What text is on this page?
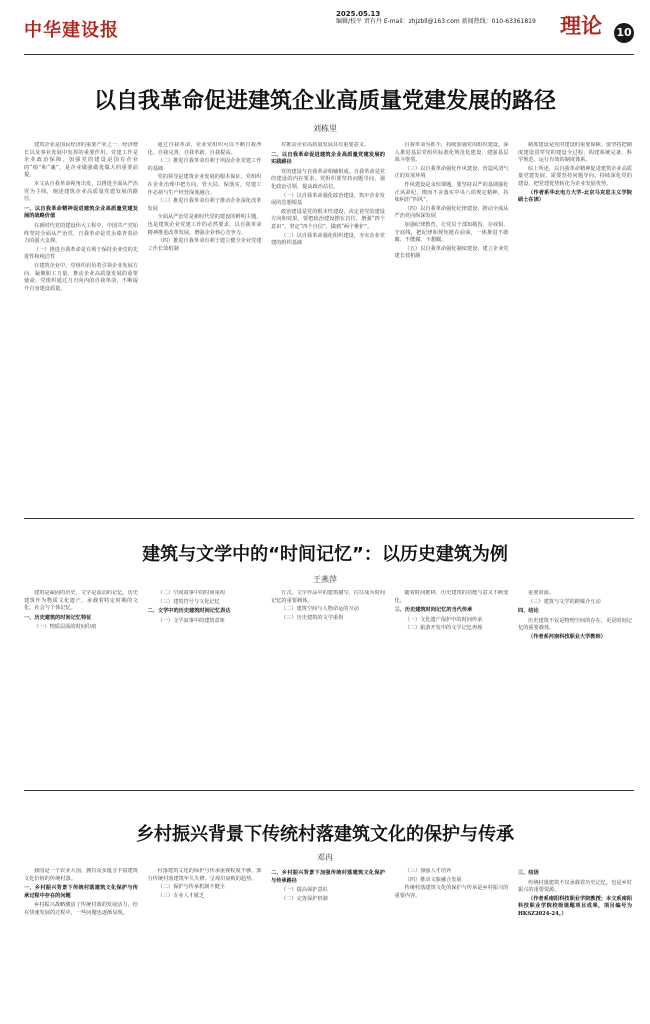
中华建设报
2025.05.13
编辑/校平 责有丹 E-mail：zhjzbll@163.com 新闻热线：010-63361819 理论 10
以自我革命促进建筑企业高质量党建发展的路径
刘栋里

建筑企业是国民经济的重要产业之一，经济增长以及事业发展中发挥的重要作用。党建工作是企业政治保障，加强党的建设是国有企业的“根”和“魂”，是企业做强做优做大的重要前提。

本文从自我革命视角出发，以推进全面从严治党为主线，阐述建筑企业高质量党建发展的路径。

一、以自我革命精神促进建筑企业高质量党建发展的战略价值

在新时代党的建设伟大工程中，中国共产党始终坚持全面从严治党，自我革命是党永葆青春活力的强大支撑。

（一）推进自我革命是有利于保持企业党的先进性和纯洁性

在建筑企业中，党组织肩负着引领企业发展方向、凝聚职工力量、推动企业高质量发展的重要使命。党组织通过刀刃向内的自我革命，不断提升自身建设质量。

通过自我革命，企业党组织可以不断自我净化、自我完善、自我革新、自我提高。

（二）推进自我革命有利于巩固企业党建工作的基础

党的领导是建筑企业发展的根本保证。党组织在企业治理中把方向、管大局、保落实，党建工作必须与生产经营深度融合。

（三）推进自我革命有利于推动企业深化改革发展

全面从严治党是新时代党的建设的鲜明主题，也是建筑企业党建工作的必然要求，以自我革命精神推进改革发展，增强企业核心竞争力。

（四）推进自我革命有利于建立健全企业党建工作长效机制

对推动企业高质量发展具有重要意义。

二、以自我革命促进建筑企业高质量党建发展的实践路径

党的建设与自我革命相辅相成。自我革命是党的建设的内在要求，党组织要坚持问题导向，强化政治引领，提高政治站位。

（一）以自我革命强化政治建设，筑牢企业发展的思想根基

政治建设是党的根本性建设，决定着党的建设方向和效果，要把政治建设摆在首位，增强“四个意识”、坚定“四个自信”、做到“两个维护”。

（二）以自我革命强化组织建设，夯实企业党建的组织基础

自我革命为抓手，持续加强党的组织建设，深入推进基层党组织标准化规范化建设，建强基层战斗堡垒。

（三）以自我革命强化作风建设，营造风清气正的发展环境

作风建设是永恒课题。要坚持以严的基调强化正风肃纪，锲而不舍落实中央八项规定精神，持续纠治“四风”。

（四）以自我革命强化纪律建设，推动全面从严治党向纵深发展

加强纪律教育，让党员干部知敬畏、存戒惧、守底线，把纪律和规矩挺在前面，一体推进不敢腐、不能腐、不想腐。

（五）以自我革命强化制度建设，建立企业党建长效机制

制度建设是党的建设的重要保障。要坚持把制度建设贯穿党的建设全过程，构建系统完备、科学规范、运行有效的制度体系。

综上所述，以自我革命精神促进建筑企业高质量党建发展，需要坚持问题导向，持续深化党的建设，把党建优势转化为企业发展优势。

（作者系华北电力大学-北京马克思主义学院硕士在读）

建筑与文学中的“时间记忆”：以历史建筑为例
王燕萍

建筑是凝固的历史，文学是流动的记忆。历史建筑作为物质文化遗产，承载着特定时期的文化、社会与个体记忆。

一、历史建筑的时间记忆特征

（一）物质层面的时间印痕

（二）空间叙事中的时间重构

（三）建筑符号与文化记忆

二、文学中的历史建筑时间记忆表达

（一）文学叙事中的建筑意象

方式。文学作品中的建筑描写，往往成为时间记忆的重要载体。

（二）建筑空间与人物命运的互动

（三）历史建筑的文学重构

随着时间推移，历史建筑的功能与意义不断变化。

三、历史建筑时间记忆的当代传承

（一）文化遗产保护中的时间传承

（二）旅游开发中的文学记忆再现

重要资源。

（三）建筑与文学的跨媒介互动

四、结论

历史建筑不仅是物理空间的存在，更是时间记忆的重要载体。

（作者系河南科技职业大学教师）

乡村振兴背景下传统村落建筑文化的保护与传承
邓冉

我国是一个农业大国，拥有众多蕴含丰富建筑文化价值的传统村落。

一、乡村振兴背景下传统村落建筑文化保护与传承过程中存在的问题

乡村振兴战略激活了传统村落的发展活力，但在快速发展的过程中，一些问题也逐渐显现。

村落建筑文化的保护与传承重视程度不够，部分传统村落建筑年久失修，呈现出衰败的趋势。

（二）保护与传承机制不健全

（三）专业人才匮乏

二、乡村振兴背景下加强传统村落建筑文化保护与传承路径

（一）提高保护意识

（二）完善保护机制

（三）加强人才培养

（四）推动文旅融合发展

传统村落建筑文化的保护与传承是乡村振兴的重要内容。

三、结语

传统村落建筑不仅承载着历史记忆，也是乡村振兴的重要资源。

（作者系南阳科技职业学院教授；本文系南阳科技职业学院校级课题项目成果，项目编号为HKSZ2024-24。）
